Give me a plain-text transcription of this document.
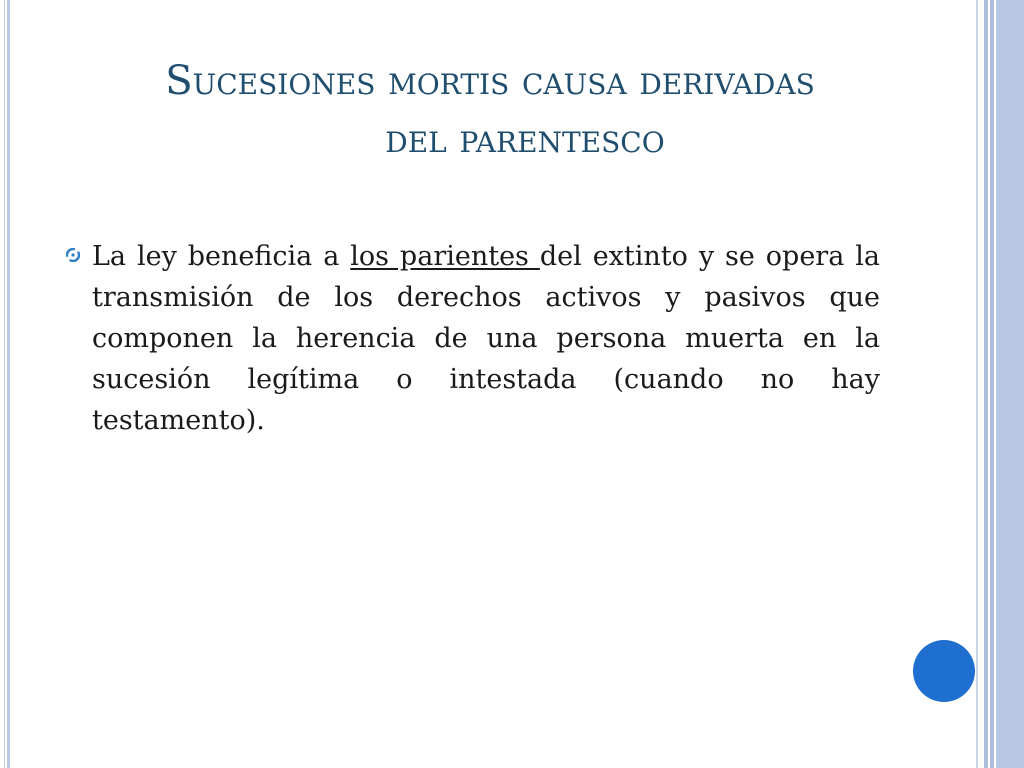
Sucesiones mortis causa derivadas
del parentesco

La ley beneficia a los parientes del extinto y se opera la transmisión de los derechos activos y pasivos que componen la herencia de una persona muerta en la sucesión legítima o intestada (cuando no hay testamento).
